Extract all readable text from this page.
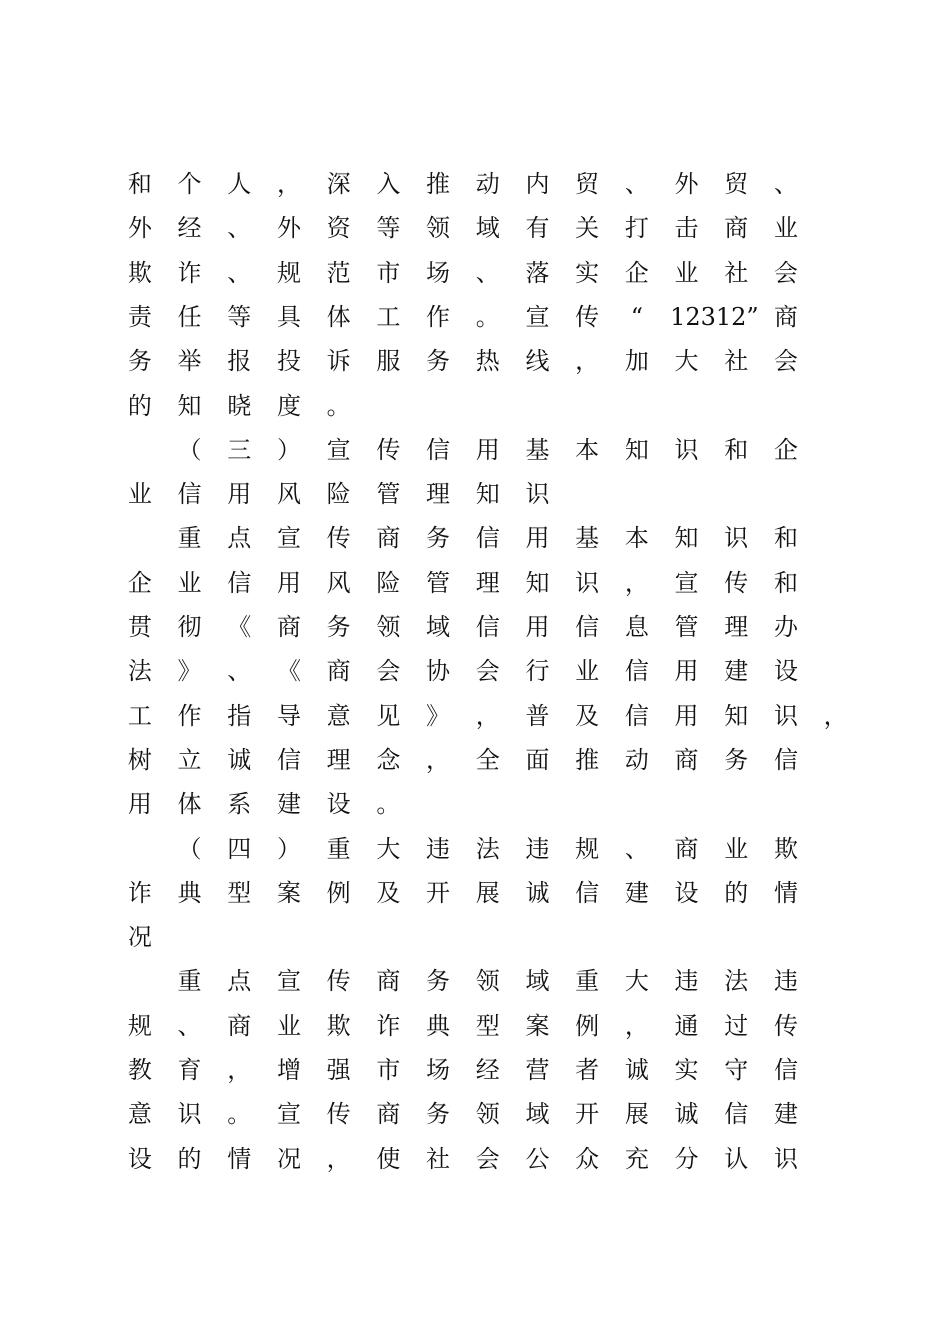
和	个	人	，	深	入	推	动	内	贸	、	外	贸	、

外	经	、	外	资	等	领	域	有	关	打	击	商	业

欺	诈	、	规	范	市	场	、	落	实	企	业	社	会

责	任	等	具	体	工	作	。	宣	传	“	12312” 商

务	举	报	投	诉	服	务	热	线	，	加	大	社	会

的	知	晓	度	。

（	三	）	宣	传	信	用	基	本	知	识	和	企

业	信	用	风	险	管	理	知	识

重	点	宣	传	商	务	信	用	基	本	知	识	和

企	业	信	用	风	险	管	理	知	识	，	宣	传	和

贯	彻	《	商	务	领	域	信	用	信	息	管	理	办

法	》	、	《	商	会	协	会	行	业	信	用	建	设

工	作	指	导	意	见	》	，	普	及	信	用	知	识	，

树	立	诚	信	理	念	，	全	面	推	动	商	务	信

用	体	系	建	设	。

（	四	）	重	大	违	法	违	规	、	商	业	欺

诈	典	型	案	例	及	开	展	诚	信	建	设	的	情

况

重	点	宣	传	商	务	领	域	重	大	违	法	违

规	、	商	业	欺	诈	典	型	案	例	，	通	过	传

教	育	，	增	强	市	场	经	营	者	诚	实	守	信

意	识	。	宣	传	商	务	领	域	开	展	诚	信	建

设	的	情	况	，	使	社	会	公	众	充	分	认	识
